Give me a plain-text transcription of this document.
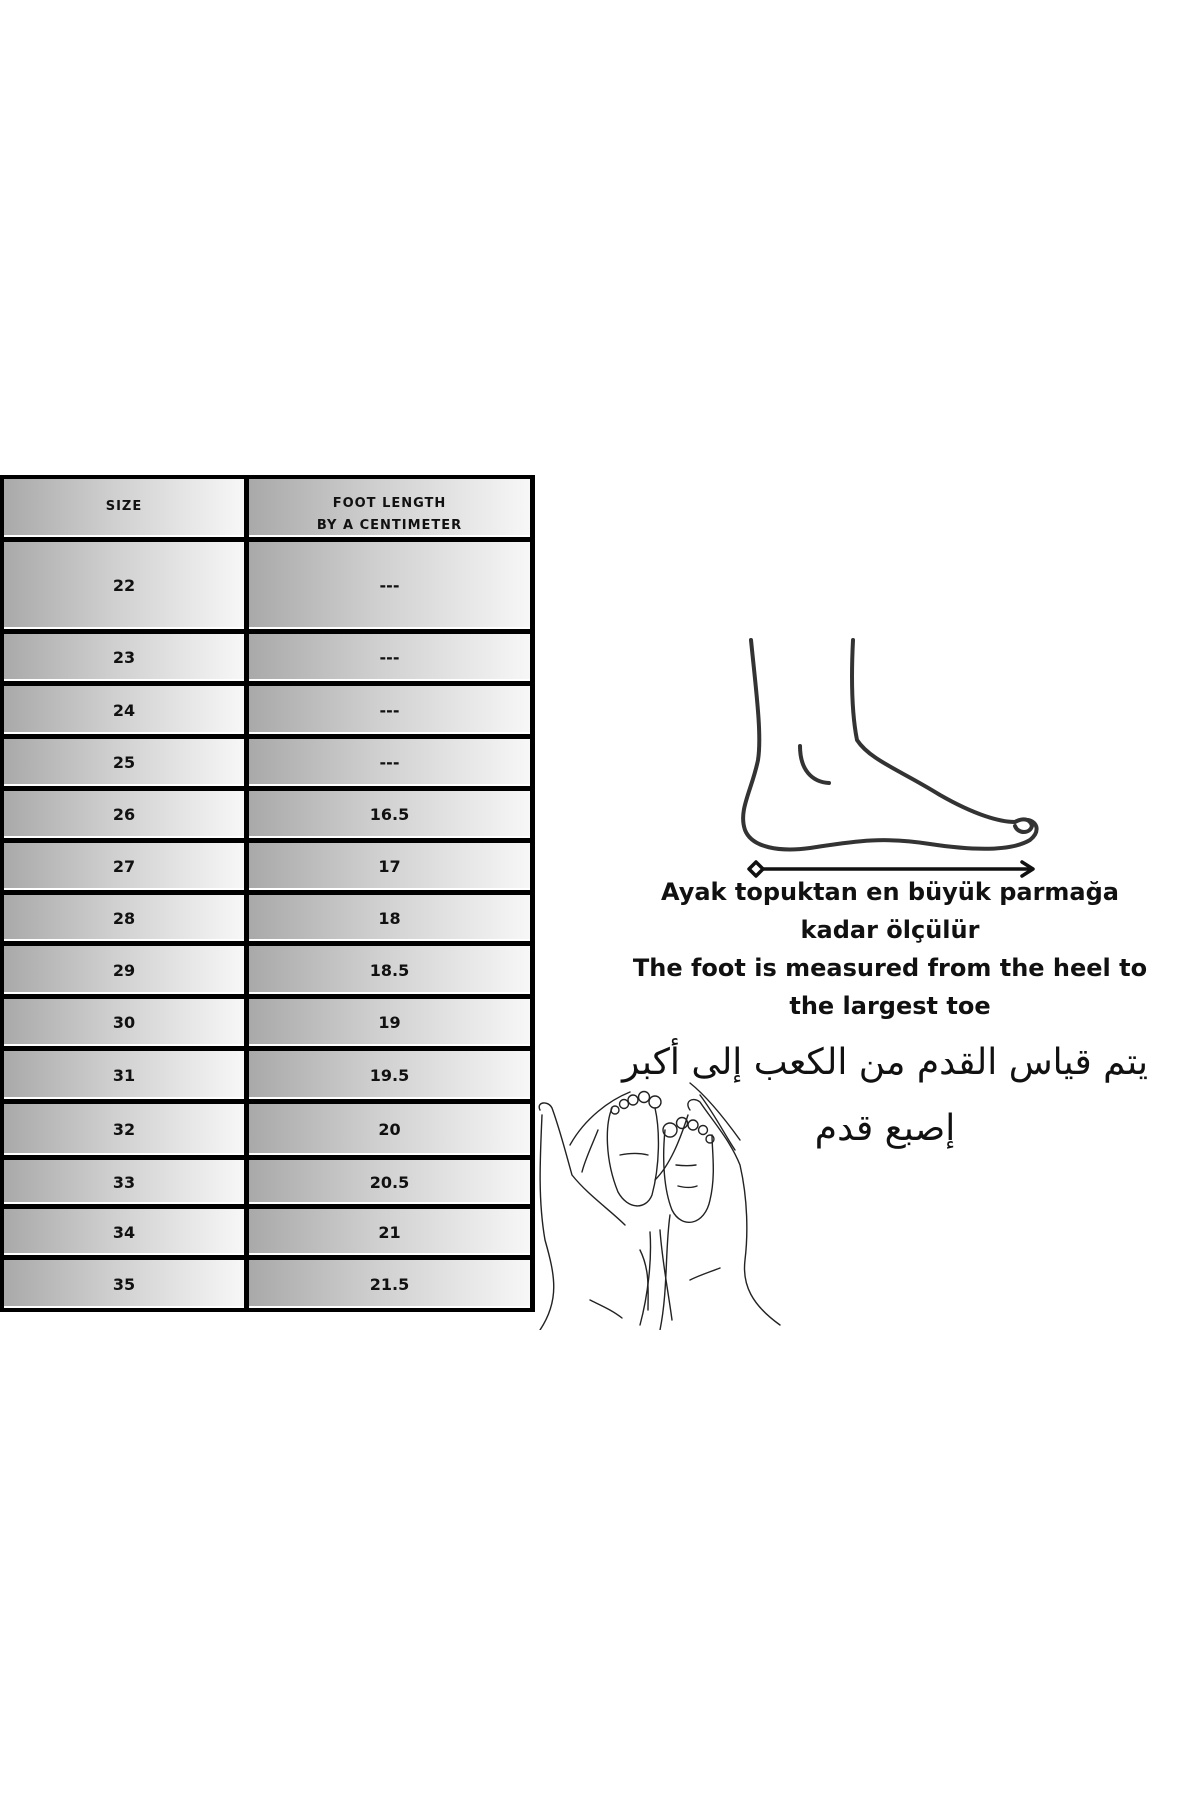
SIZE	FOOT LENGTH
BY A CENTIMETER
22	---
23	---
24	---
25	---
26	16.5
27	17
28	18
29	18.5
30	19
31	19.5
32	20
33	20.5
34	21
35	21.5
Ayak topuktan en büyük parmağa
kadar ölçülür
The foot is measured from the heel to
the largest toe
يتم قياس القدم من الكعب إلى أكبر
إصبع قدم
